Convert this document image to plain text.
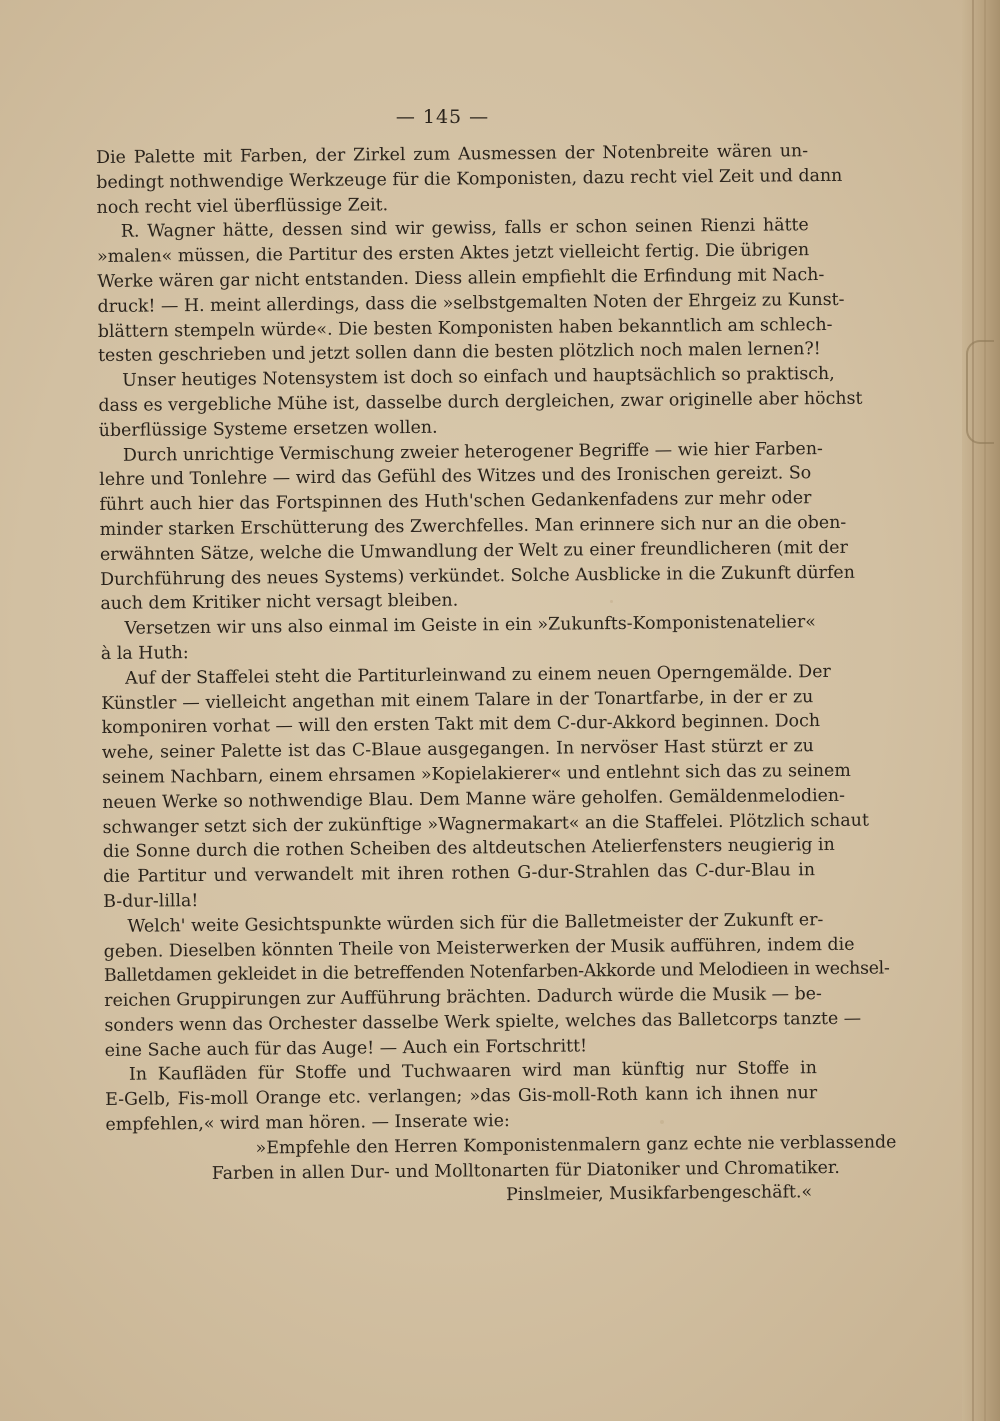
— 145 —
Die Palette mit Farben, der Zirkel zum Ausmessen der Notenbreite wären un-
bedingt nothwendige Werkzeuge für die Komponisten, dazu recht viel Zeit und dann
noch recht viel überflüssige Zeit.
R. Wagner hätte, dessen sind wir gewiss, falls er schon seinen Rienzi hätte
»malen« müssen, die Partitur des ersten Aktes jetzt vielleicht fertig. Die übrigen
Werke wären gar nicht entstanden. Diess allein empfiehlt die Erfindung mit Nach-
druck! — H. meint allerdings, dass die »selbstgemalten Noten der Ehrgeiz zu Kunst-
blättern stempeln würde«. Die besten Komponisten haben bekanntlich am schlech-
testen geschrieben und jetzt sollen dann die besten plötzlich noch malen lernen?!
Unser heutiges Notensystem ist doch so einfach und hauptsächlich so praktisch,
dass es vergebliche Mühe ist, dasselbe durch dergleichen, zwar originelle aber höchst
überflüssige Systeme ersetzen wollen.
Durch unrichtige Vermischung zweier heterogener Begriffe — wie hier Farben-
lehre und Tonlehre — wird das Gefühl des Witzes und des Ironischen gereizt. So
führt auch hier das Fortspinnen des Huth'schen Gedankenfadens zur mehr oder
minder starken Erschütterung des Zwerchfelles. Man erinnere sich nur an die oben-
erwähnten Sätze, welche die Umwandlung der Welt zu einer freundlicheren (mit der
Durchführung des neues Systems) verkündet. Solche Ausblicke in die Zukunft dürfen
auch dem Kritiker nicht versagt bleiben.
Versetzen wir uns also einmal im Geiste in ein »Zukunfts-Komponistenatelier«
à la Huth:
Auf der Staffelei steht die Partiturleinwand zu einem neuen Operngemälde. Der
Künstler — vielleicht angethan mit einem Talare in der Tonartfarbe, in der er zu
komponiren vorhat — will den ersten Takt mit dem C-dur-Akkord beginnen. Doch
wehe, seiner Palette ist das C-Blaue ausgegangen. In nervöser Hast stürzt er zu
seinem Nachbarn, einem ehrsamen »Kopielakierer« und entlehnt sich das zu seinem
neuen Werke so nothwendige Blau. Dem Manne wäre geholfen. Gemäldenmelodien-
schwanger setzt sich der zukünftige »Wagnermakart« an die Staffelei. Plötzlich schaut
die Sonne durch die rothen Scheiben des altdeutschen Atelierfensters neugierig in
die Partitur und verwandelt mit ihren rothen G-dur-Strahlen das C-dur-Blau in
B-dur-lilla!
Welch' weite Gesichtspunkte würden sich für die Balletmeister der Zukunft er-
geben. Dieselben könnten Theile von Meisterwerken der Musik aufführen, indem die
Balletdamen gekleidet in die betreffenden Notenfarben-Akkorde und Melodieen in wechsel-
reichen Gruppirungen zur Aufführung brächten. Dadurch würde die Musik — be-
sonders wenn das Orchester dasselbe Werk spielte, welches das Balletcorps tanzte —
eine Sache auch für das Auge! — Auch ein Fortschritt!
In Kaufläden für Stoffe und Tuchwaaren wird man künftig nur Stoffe in
E-Gelb, Fis-moll Orange etc. verlangen; »das Gis-moll-Roth kann ich ihnen nur
empfehlen,« wird man hören. — Inserate wie:
»Empfehle den Herren Komponistenmalern ganz echte nie verblassende
Farben in allen Dur- und Molltonarten für Diatoniker und Chromatiker.
Pinslmeier, Musikfarbengeschäft.«
